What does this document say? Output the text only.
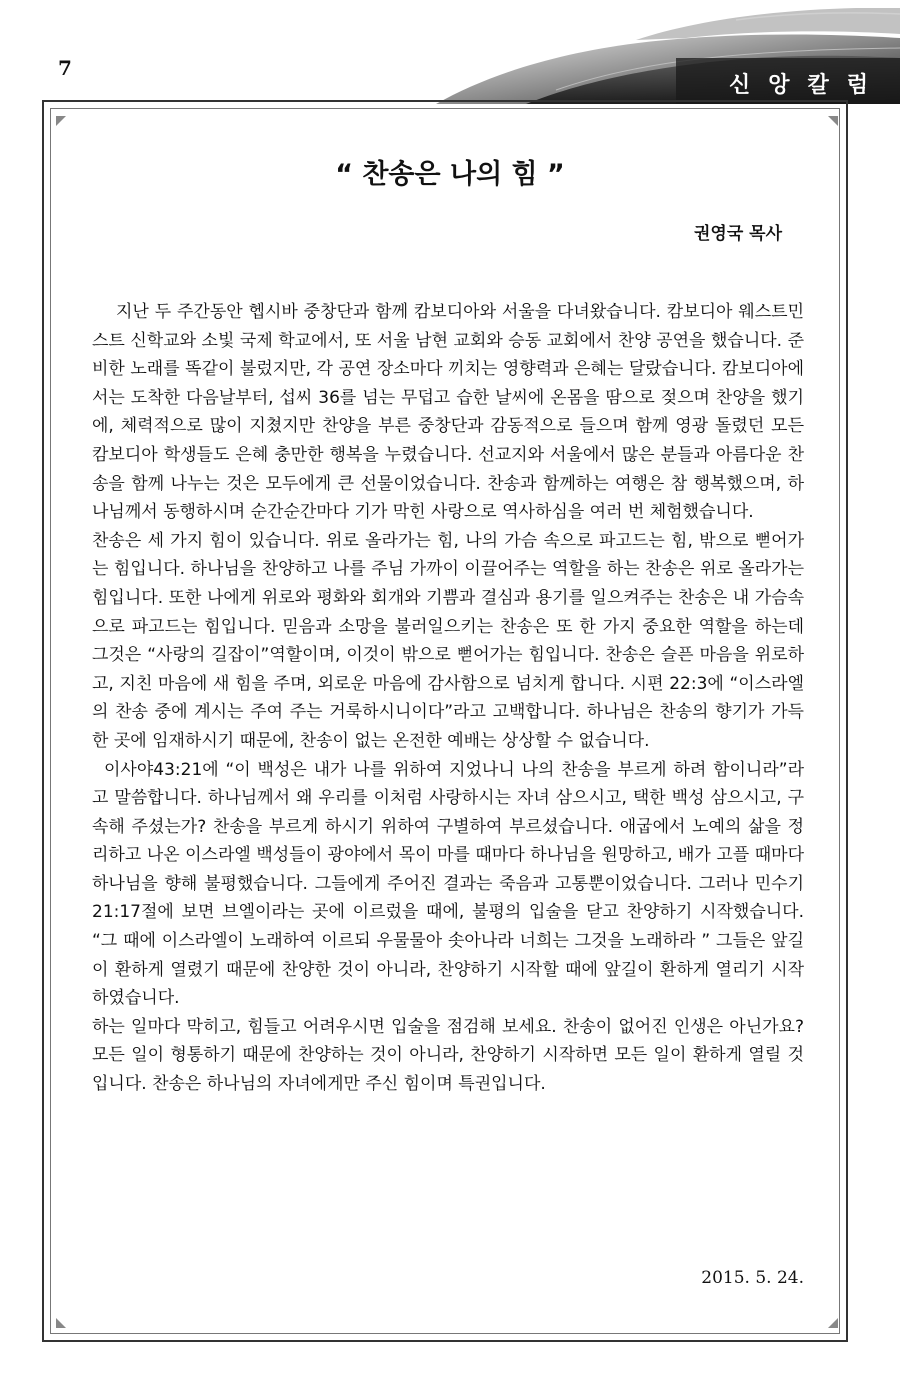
7
신앙칼럼
“ 찬송은 나의 힘 ”
권영국 목사

지난 두 주간동안 헵시바 중창단과 함께 캄보디아와 서울을 다녀왔습니다. 캄보디아 웨스트민스트 신학교와 소빛 국제 학교에서, 또 서울 남현 교회와 승동 교회에서 찬양 공연을 했습니다. 준비한 노래를 똑같이 불렀지만, 각 공연 장소마다 끼치는 영향력과 은혜는 달랐습니다. 캄보디아에서는 도착한 다음날부터, 섭씨 36를 넘는 무덥고 습한 날씨에 온몸을 땀으로 젖으며 찬양을 했기에, 체력적으로 많이 지쳤지만 찬양을 부른 중창단과 감동적으로 들으며 함께 영광 돌렸던 모든 캄보디아 학생들도 은혜 충만한 행복을 누렸습니다. 선교지와 서울에서 많은 분들과 아름다운 찬송을 함께 나누는 것은 모두에게 큰 선물이었습니다. 찬송과 함께하는 여행은 참 행복했으며, 하나님께서 동행하시며 순간순간마다 기가 막힌 사랑으로 역사하심을 여러 번 체험했습니다.

찬송은 세 가지 힘이 있습니다. 위로 올라가는 힘, 나의 가슴 속으로 파고드는 힘, 밖으로 뻗어가는 힘입니다. 하나님을 찬양하고 나를 주님 가까이 이끌어주는 역할을 하는 찬송은 위로 올라가는 힘입니다. 또한 나에게 위로와 평화와 회개와 기쁨과 결심과 용기를 일으켜주는 찬송은 내 가슴속으로 파고드는 힘입니다. 믿음과 소망을 불러일으키는 찬송은 또 한 가지 중요한 역할을 하는데 그것은 “사랑의 길잡이”역할이며, 이것이 밖으로 뻗어가는 힘입니다. 찬송은 슬픈 마음을 위로하고, 지친 마음에 새 힘을 주며, 외로운 마음에 감사함으로 넘치게 합니다. 시편 22:3에 “이스라엘의 찬송 중에 계시는 주여 주는 거룩하시니이다”라고 고백합니다. 하나님은 찬송의 향기가 가득한 곳에 임재하시기 때문에, 찬송이 없는 온전한 예배는 상상할 수 없습니다.

이사야43:21에 “이 백성은 내가 나를 위하여 지었나니 나의 찬송을 부르게 하려 함이니라”라고 말씀합니다. 하나님께서 왜 우리를 이처럼 사랑하시는 자녀 삼으시고, 택한 백성 삼으시고, 구속해 주셨는가? 찬송을 부르게 하시기 위하여 구별하여 부르셨습니다. 애굽에서 노예의 삶을 정리하고 나온 이스라엘 백성들이 광야에서 목이 마를 때마다 하나님을 원망하고, 배가 고플 때마다 하나님을 향해 불평했습니다. 그들에게 주어진 결과는 죽음과 고통뿐이었습니다. 그러나 민수기 21:17절에 보면 브엘이라는 곳에 이르렀을 때에, 불평의 입술을 닫고 찬양하기 시작했습니다. “그 때에 이스라엘이 노래하여 이르되 우물물아 솟아나라 너희는 그것을 노래하라 ” 그들은 앞길이 환하게 열렸기 때문에 찬양한 것이 아니라, 찬양하기 시작할 때에 앞길이 환하게 열리기 시작하였습니다.

하는 일마다 막히고, 힘들고 어려우시면 입술을 점검해 보세요. 찬송이 없어진 인생은 아닌가요? 모든 일이 형통하기 때문에 찬양하는 것이 아니라, 찬양하기 시작하면 모든 일이 환하게 열릴 것입니다. 찬송은 하나님의 자녀에게만 주신 힘이며 특권입니다.

2015. 5. 24.
